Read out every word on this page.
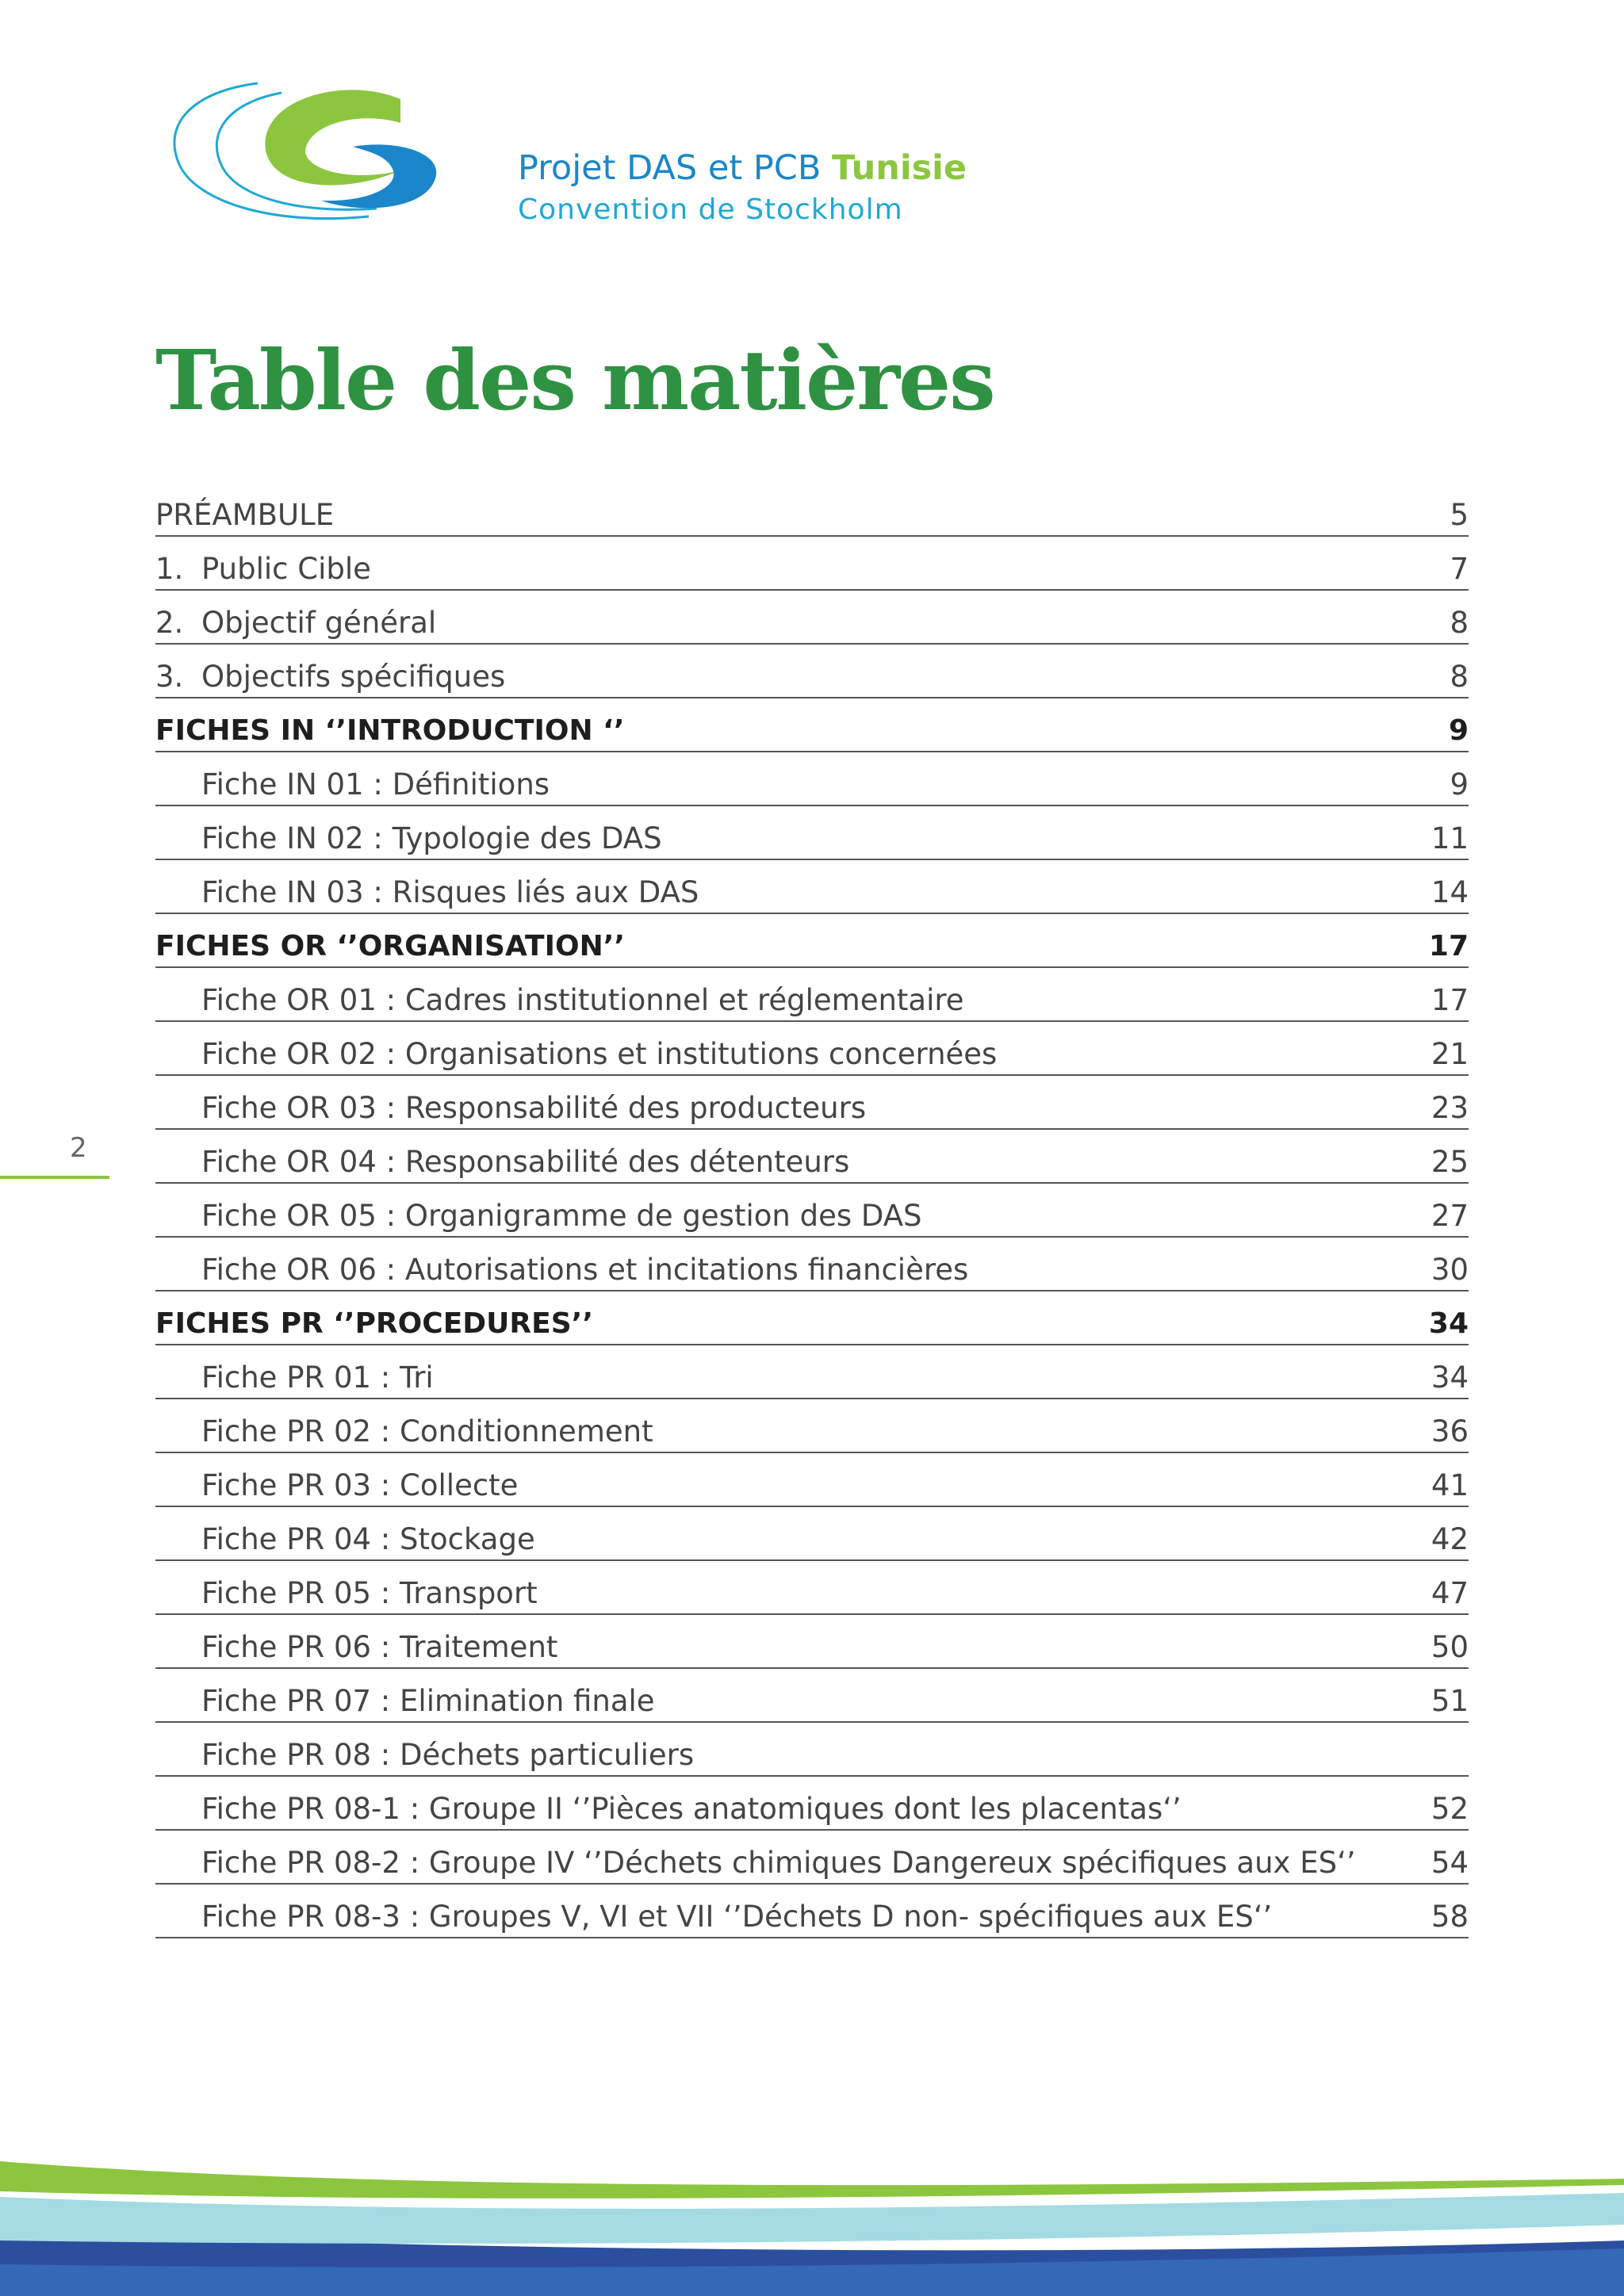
Projet DAS et PCB Tunisie
Convention de Stockholm
Table des matières
PRÉAMBULE	5
1. Public Cible	7
2. Objectif général	8
3. Objectifs spécifiques	8
FICHES IN ‘’INTRODUCTION ‘’	9
Fiche IN 01 : Définitions	9
Fiche IN 02 : Typologie des DAS	11
Fiche IN 03 : Risques liés aux DAS	14
FICHES OR ‘’ORGANISATION’’	17
Fiche OR 01 : Cadres institutionnel et réglementaire	17
Fiche OR 02 : Organisations et institutions concernées	21
Fiche OR 03 : Responsabilité des producteurs	23
Fiche OR 04 : Responsabilité des détenteurs	25
Fiche OR 05 : Organigramme de gestion des DAS	27
Fiche OR 06 : Autorisations et incitations financières	30
FICHES PR ‘’PROCEDURES’’	34
Fiche PR 01 : Tri	34
Fiche PR 02 : Conditionnement	36
Fiche PR 03 : Collecte	41
Fiche PR 04 : Stockage	42
Fiche PR 05 : Transport	47
Fiche PR 06 : Traitement	50
Fiche PR 07 : Elimination finale	51
Fiche PR 08 : Déchets particuliers
Fiche PR 08-1 : Groupe II ‘’Pièces anatomiques dont les placentas‘’	52
Fiche PR 08-2 : Groupe IV ‘’Déchets chimiques Dangereux spécifiques aux ES‘’	54
Fiche PR 08-3 : Groupes V, VI et VII ‘’Déchets D non- spécifiques aux ES‘’	58
2
